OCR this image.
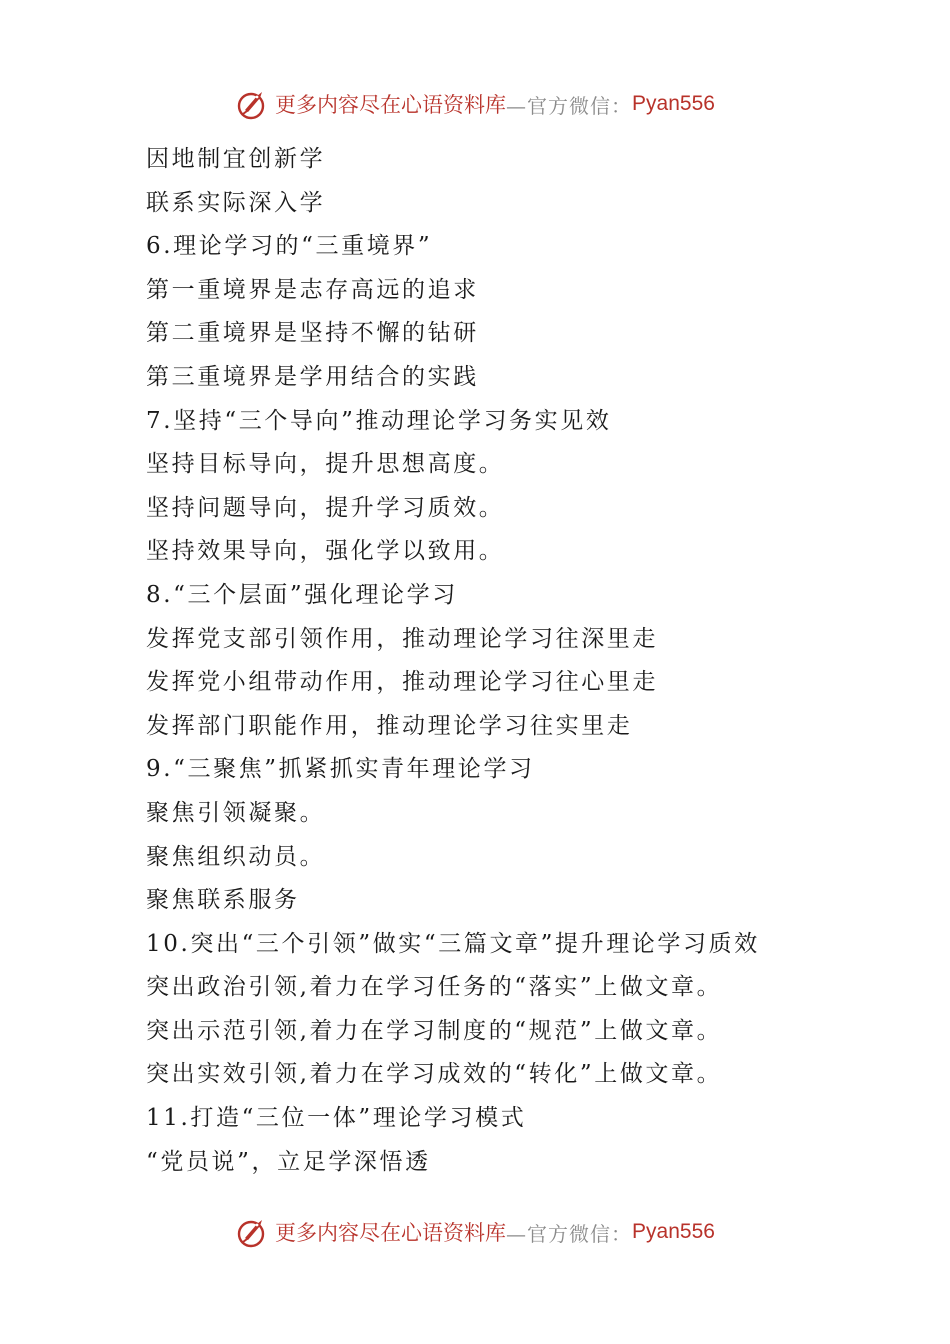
更多内容尽在心语资料库 —官方微信： Pyan556
因地制宜创新学
联系实际深入学
6.理论学习的“三重境界”
第一重境界是志存高远的追求
第二重境界是坚持不懈的钻研
第三重境界是学用结合的实践
7.坚持“三个导向”推动理论学习务实见效
坚持目标导向，提升思想高度。
坚持问题导向，提升学习质效。
坚持效果导向，强化学以致用。
8.“三个层面”强化理论学习
发挥党支部引领作用，推动理论学习往深里走
发挥党小组带动作用，推动理论学习往心里走
发挥部门职能作用，推动理论学习往实里走
9.“三聚焦”抓紧抓实青年理论学习
聚焦引领凝聚。
聚焦组织动员。
聚焦联系服务
10.突出“三个引领”做实“三篇文章”提升理论学习质效
突出政治引领,着力在学习任务的“落实”上做文章。
突出示范引领,着力在学习制度的“规范”上做文章。
突出实效引领,着力在学习成效的“转化”上做文章。
11.打造“三位一体”理论学习模式
“党员说”，立足学深悟透
更多内容尽在心语资料库 —官方微信： Pyan556
